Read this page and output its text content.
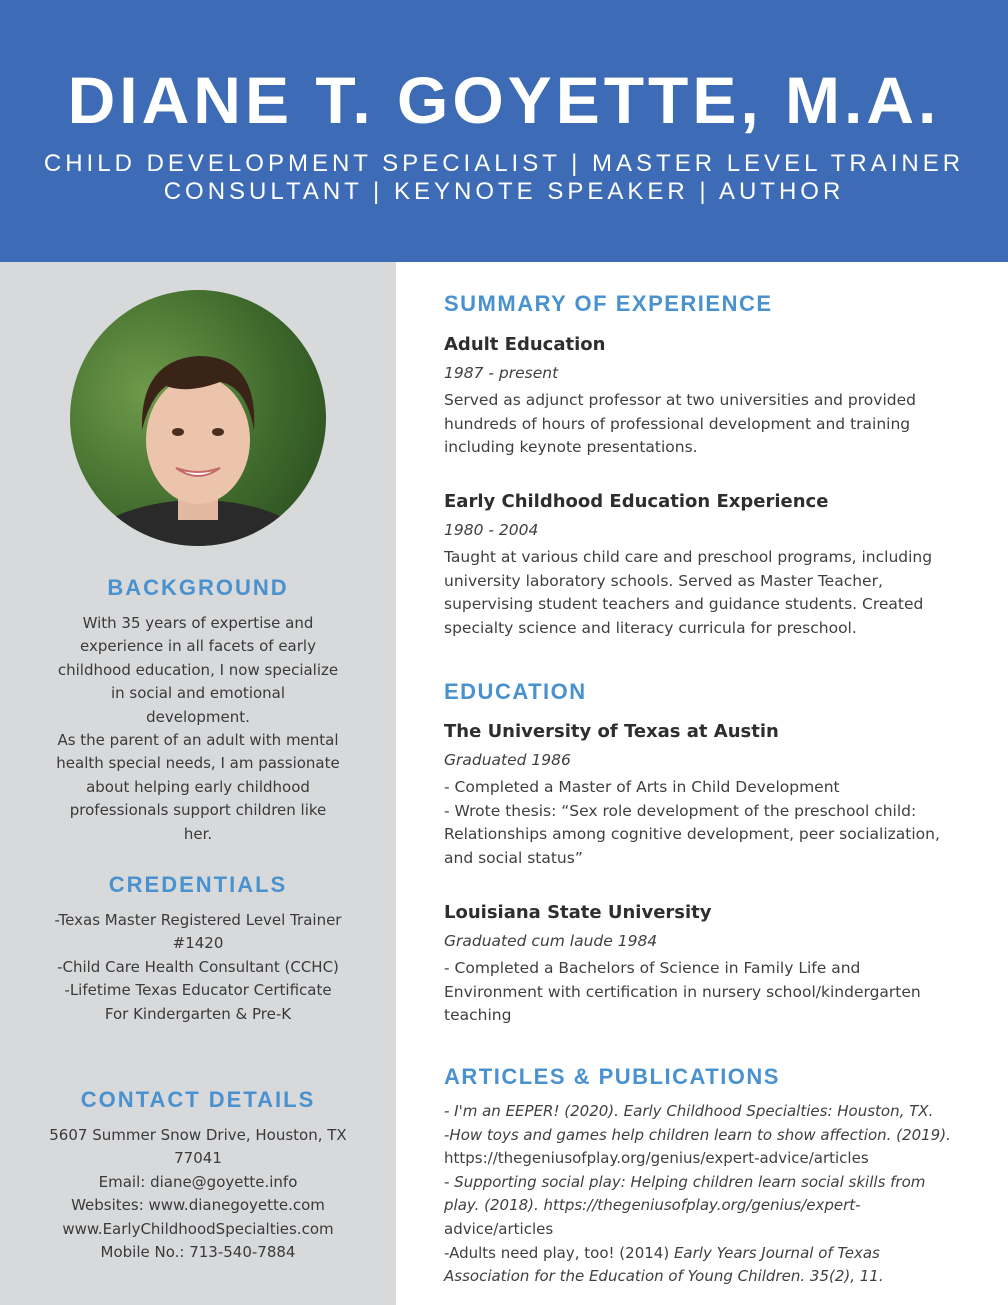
DIANE T. GOYETTE, M.A.
CHILD DEVELOPMENT SPECIALIST | MASTER LEVEL TRAINER
CONSULTANT | KEYNOTE SPEAKER | AUTHOR
BACKGROUND
With 35 years of expertise and
experience in all facets of early
childhood education, I now specialize
in social and emotional
development.
As the parent of an adult with mental
health special needs, I am passionate
about helping early childhood
professionals support children like
her.
CREDENTIALS
-Texas Master Registered Level Trainer
#1420
-Child Care Health Consultant (CCHC)
-Lifetime Texas Educator Certificate
For Kindergarten & Pre-K
CONTACT DETAILS
5607 Summer Snow Drive, Houston, TX
77041
Email: diane@goyette.info
Websites: www.dianegoyette.com
www.EarlyChildhoodSpecialties.com
Mobile No.: 713-540-7884
SUMMARY OF EXPERIENCE
Adult Education
1987 - present
Served as adjunct professor at two universities and provided
hundreds of hours of professional development and training
including keynote presentations.
Early Childhood Education Experience
1980 - 2004
Taught at various child care and preschool programs, including
university laboratory schools. Served as Master Teacher,
supervising student teachers and guidance students. Created
specialty science and literacy curricula for preschool.
EDUCATION
The University of Texas at Austin
Graduated 1986
- Completed a Master of Arts in Child Development
- Wrote thesis: “Sex role development of the preschool child:
Relationships among cognitive development, peer socialization,
and social status”
Louisiana State University
Graduated cum laude 1984
- Completed a Bachelors of Science in Family Life and
Environment with certification in nursery school/kindergarten
teaching
ARTICLES & PUBLICATIONS
- I'm an EEPER! (2020). Early Childhood Specialties: Houston, TX.
-How toys and games help children learn to show affection. (2019).
https://thegeniusofplay.org/genius/expert-advice/articles
- Supporting social play: Helping children learn social skills from
play. (2018). https://thegeniusofplay.org/genius/expert-
advice/articles
-Adults need play, too! (2014) Early Years Journal of Texas
Association for the Education of Young Children. 35(2), 11.
